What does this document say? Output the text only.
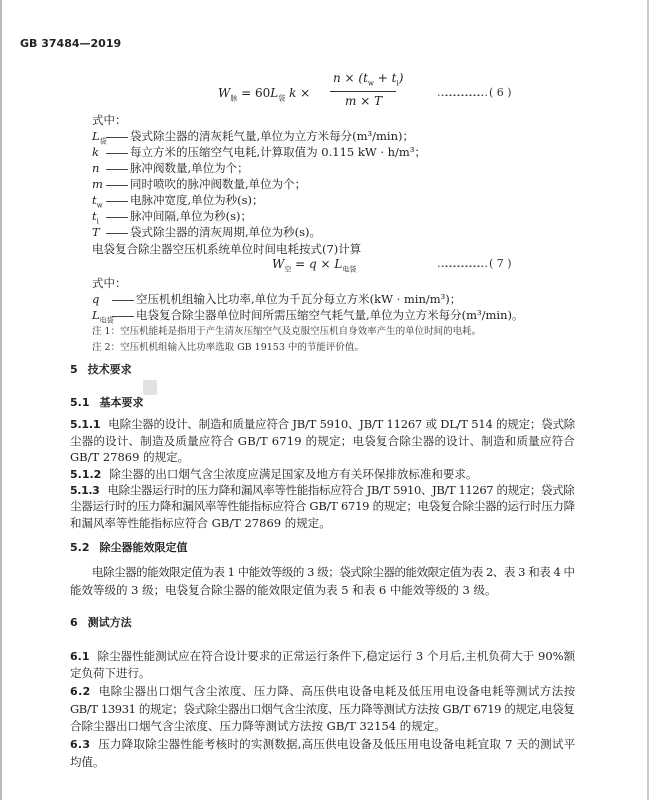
GB 37484—2019
$W_脉 = 60L_袋$ k ×
$n \times (t_w + t_i)$
m × T
…………………………… ( 6 )
式中：
$L_袋$ 袋式除尘器的清灰耗气量,单位为立方米每分(m³/min)；
k	每立方米的压缩空气电耗,计算取值为 0.115 kW · h/m³；
n	脉冲阀数量,单位为个；
m 同时喷吹的脉冲阀数量,单位为个；
$t_w$ 电脉冲宽度,单位为秒(s)；
$t_i$	脉冲间隔,单位为秒(s)；
T	袋式除尘器的清灰周期,单位为秒(s)。
电袋复合除尘器空压机系统单位时间电耗按式(7)计算
$W_空 = q \times L_{电袋}$	…………………………… ( 7 )
式中：
q	空压机机组输入比功率,单位为千瓦分每立方米(kW · min/m³)；
$L_{电袋}$ 电袋复合除尘器单位时间所需压缩空气耗气量,单位为立方米每分(m³/min)。
注 1：空压机能耗是指用于产生清灰压缩空气及克服空压机自身效率产生的单位时间的电耗。
注 2：空压机机组输入比功率选取 GB 19153 中的节能评价值。
5 技术要求
5.1 基本要求
5.1.1 电除尘器的设计、制造和质量应符合 JB/T 5910、JB/T 11267 或 DL/T 514 的规定；袋式除
尘器的设计、制造及质量应符合 GB/T 6719 的规定；电袋复合除尘器的设计、制造和质量应符合
GB/T 27869 的规定。
5.1.2 除尘器的出口烟气含尘浓度应满足国家及地方有关环保排放标准和要求。
5.1.3 电除尘器运行时的压力降和漏风率等性能指标应符合 JB/T 5910、JB/T 11267 的规定；袋式除
尘器运行时的压力降和漏风率等性能指标应符合 GB/T 6719 的规定；电袋复合除尘器的运行时压力降
和漏风率等性能指标应符合 GB/T 27869 的规定。
5.2 除尘器能效限定值
电除尘器的能效限定值为表 1 中能效等级的 3 级；袋式除尘器的能效限定值为表 2、表 3 和表 4 中
能效等级的 3 级；电袋复合除尘器的能效限定值为表 5 和表 6 中能效等级的 3 级。
6 测试方法
6.1 除尘器性能测试应在符合设计要求的正常运行条件下,稳定运行 3 个月后,主机负荷大于 90%额
定负荷下进行。
6.2 电除尘器出口烟气含尘浓度、压力降、高压供电设备电耗及低压用电设备电耗等测试方法按
GB/T 13931 的规定；袋式除尘器出口烟气含尘浓度、压力降等测试方法按 GB/T 6719 的规定,电袋复
合除尘器出口烟气含尘浓度、压力降等测试方法按 GB/T 32154 的规定。
6.3 压力降取除尘器性能考核时的实测数据,高压供电设备及低压用电设备电耗宜取 7 天的测试平
均值。
